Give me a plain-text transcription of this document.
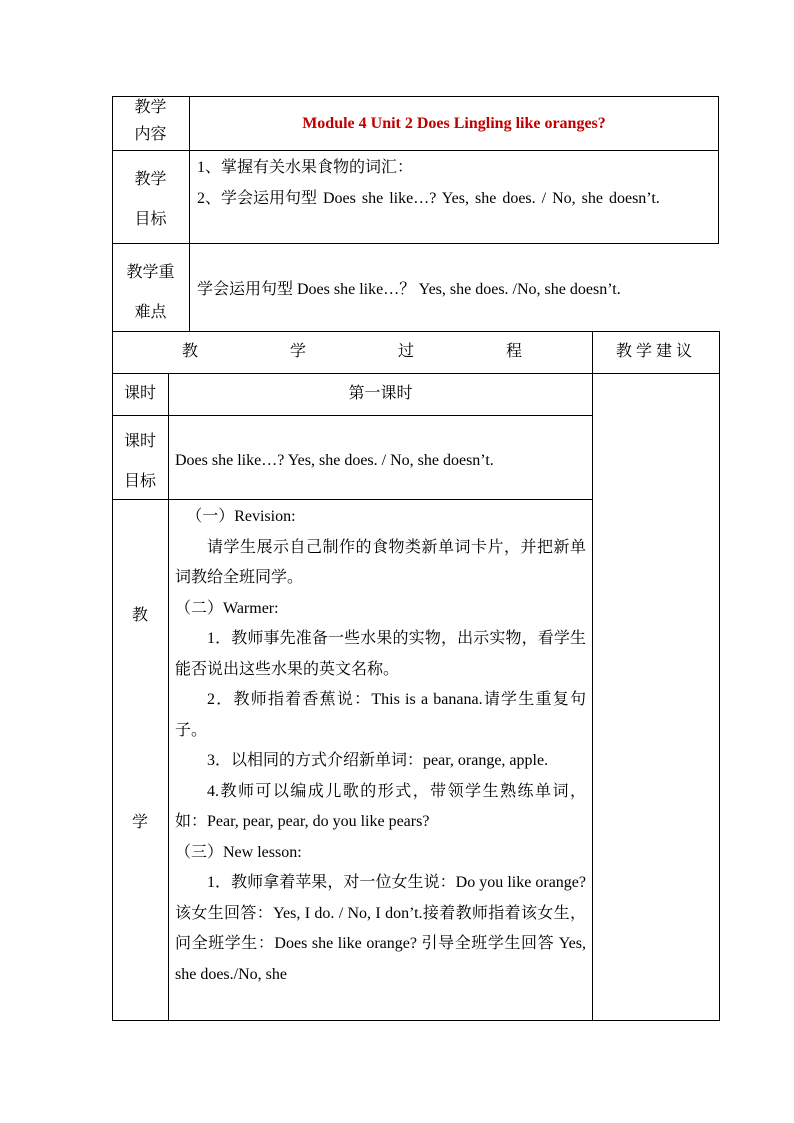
教学
内容
Module 4 Unit 2 Does Lingling like oranges?
教学
目标

1、掌握有关水果食物的词汇：

2、学会运用句型 Does she like…? Yes, she does. / No, she doesn’t.

教学重
难点
学会运用句型 Does she like…？ Yes, she does. /No, she doesn’t.
教  学  过  程	教学建议
课时	第一课时
课时
目标
Does she like…? Yes, she does. / No, she doesn’t.
教
学

（一）Revision:

请学生展示自己制作的食物类新单词卡片，并把新单词教给全班同学。

（二）Warmer:

1．教师事先准备一些水果的实物，出示实物，看学生能否说出这些水果的英文名称。

2．教师指着香蕉说：This is a banana.请学生重复句子。

3．以相同的方式介绍新单词：pear, orange, apple.

4.教师可以编成儿歌的形式，带领学生熟练单词，如：Pear, pear, pear, do you like pears?

（三）New lesson:

1．教师拿着苹果，对一位女生说：Do you like orange? 该女生回答：Yes, I do. / No, I don’t.接着教师指着该女生，问全班学生：Does she like orange? 引导全班学生回答 Yes, she does./No, she
